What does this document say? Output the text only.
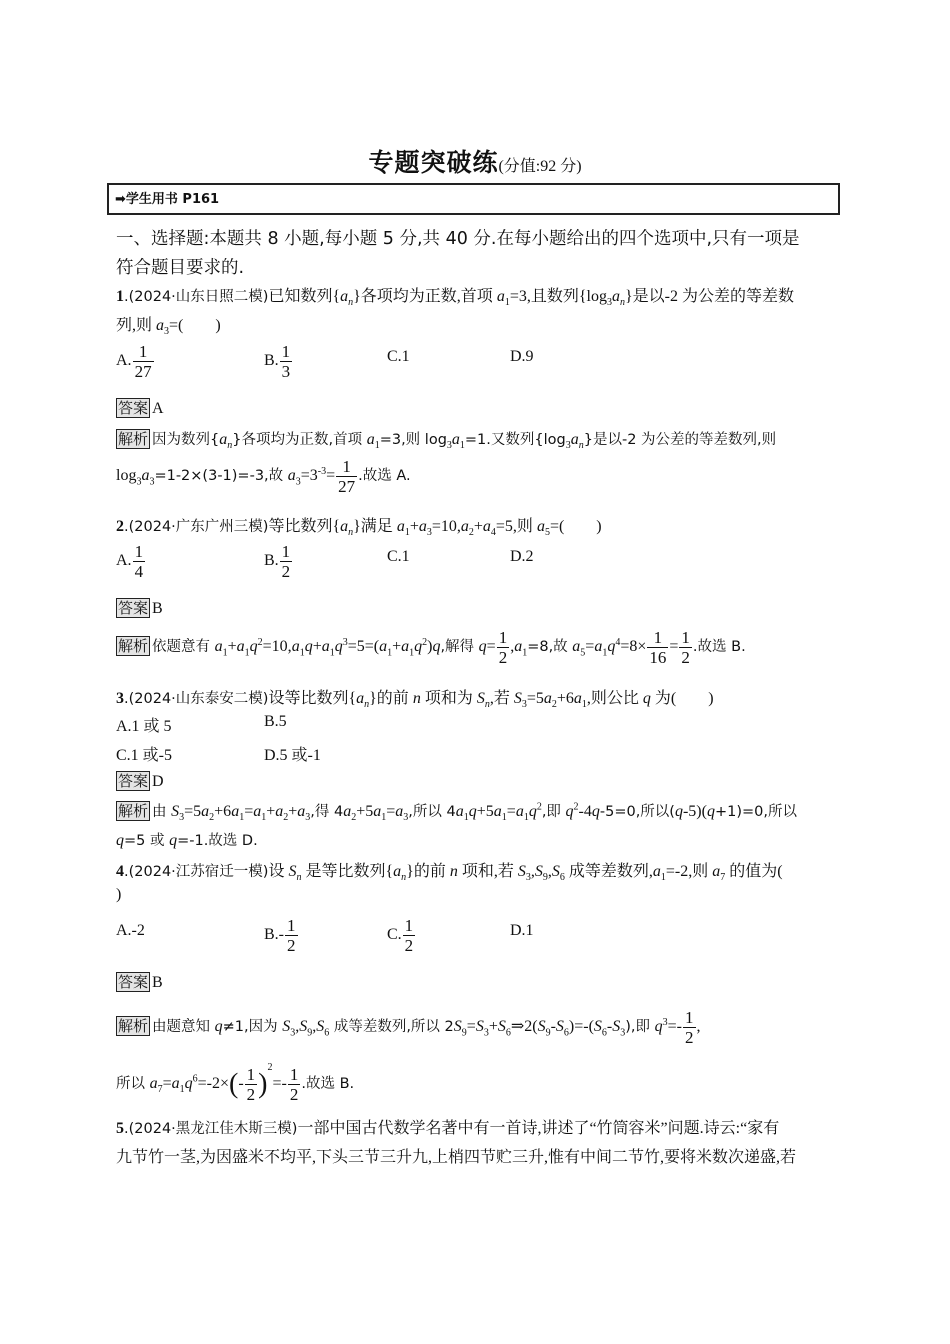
专题突破练(分值:92 分)
➡学生用书 P161
一、选择题:本题共 8 小题,每小题 5 分,共 40 分.在每小题给出的四个选项中,只有一项是
符合题目要求的.
1.(2024·山东日照二模)已知数列$\{a_n\}$各项均为正数,首项 $a_1=3$,且数列$\{\log_3a_n\}$是以-2 为公差的等差数
列,则 $a_3=$(　　)
A. $\frac{1}{27}$	B. $\frac{1}{3}$	C.1	D.9
答案 A
解析 因为数列$\{a_n\}$各项均为正数,首项 $a_1=3$,则 $\log_3a_1=1$.又数列$\{\log_3a_n\}$是以-2 为公差的等差数列,则
$\log_3a_3=1-2\times(3-1)=-3$,故 $a_3=3^{-3}= \frac{1}{27}$ .故选 A.
2.(2024·广东广州三模)等比数列$\{a_n\}$满足 $a_1+a_3=10,a_2+a_4=5$,则 $a_5=$(　　)
A. $\frac{1}{4}$	B. $\frac{1}{2}$	C.1	D.2
答案 B
解析 依题意有 $a_1+a_1q^2=10,a_1q+a_1q^3=5=(a_1+a_1q^2)q$,解得 $q= \frac{1}{2} ,a_1=8$,故 $a_5=a_1q^4=8\times \frac{1}{16} = \frac{1}{2}$ .故选 B.
3.(2024·山东泰安二模)设等比数列$\{a_n\}$的前 n 项和为 $S_n$,若 $S_3=5a_2+6a_1$,则公比 q 为(　　)
A.1 或 5	B.5
C.1 或-5	D.5 或-1
答案 D
解析 由 $S_3=5a_2+6a_1=a_1+a_2+a_3$,得 $4a_2+5a_1=a_3$,所以 $4a_1q+5a_1=a_1q^2$,即 $q^2-4q-5=0$,所以(q-5)(q+1)=0,所以
q=5 或 q=-1.故选 D.
4.(2024·江苏宿迁一模)设 $S_n$ 是等比数列$\{a_n\}$的前 n 项和,若 $S_3,S_9,S_6$ 成等差数列$,a_1=-2$,则 $a_7$ 的值为(
)
A.-2	$B.- \frac{1}{2}$	C. $\frac{1}{2}$	D.1
答案 B
解析 由题意知 q≠1,因为 $S_3,S_9,S_6$ 成等差数列,所以 $2S_9=S_3+S_6\Rightarrow 2(S_9-S_6)=-(S_6-S_3)$,即 $q^3=- \frac{1}{2}$ ,
所以 $a_7=a_1q^6=-2\times(- \frac{1}{2} )^2=- \frac{1}{2}$ .故选 B.
5.(2024·黑龙江佳木斯三模)一部中国古代数学名著中有一首诗,讲述了“竹筒容米”问题.诗云:“家有
九节竹一茎,为因盛米不均平,下头三节三升九,上梢四节贮三升,惟有中间二节竹,要将米数次递盛,若
